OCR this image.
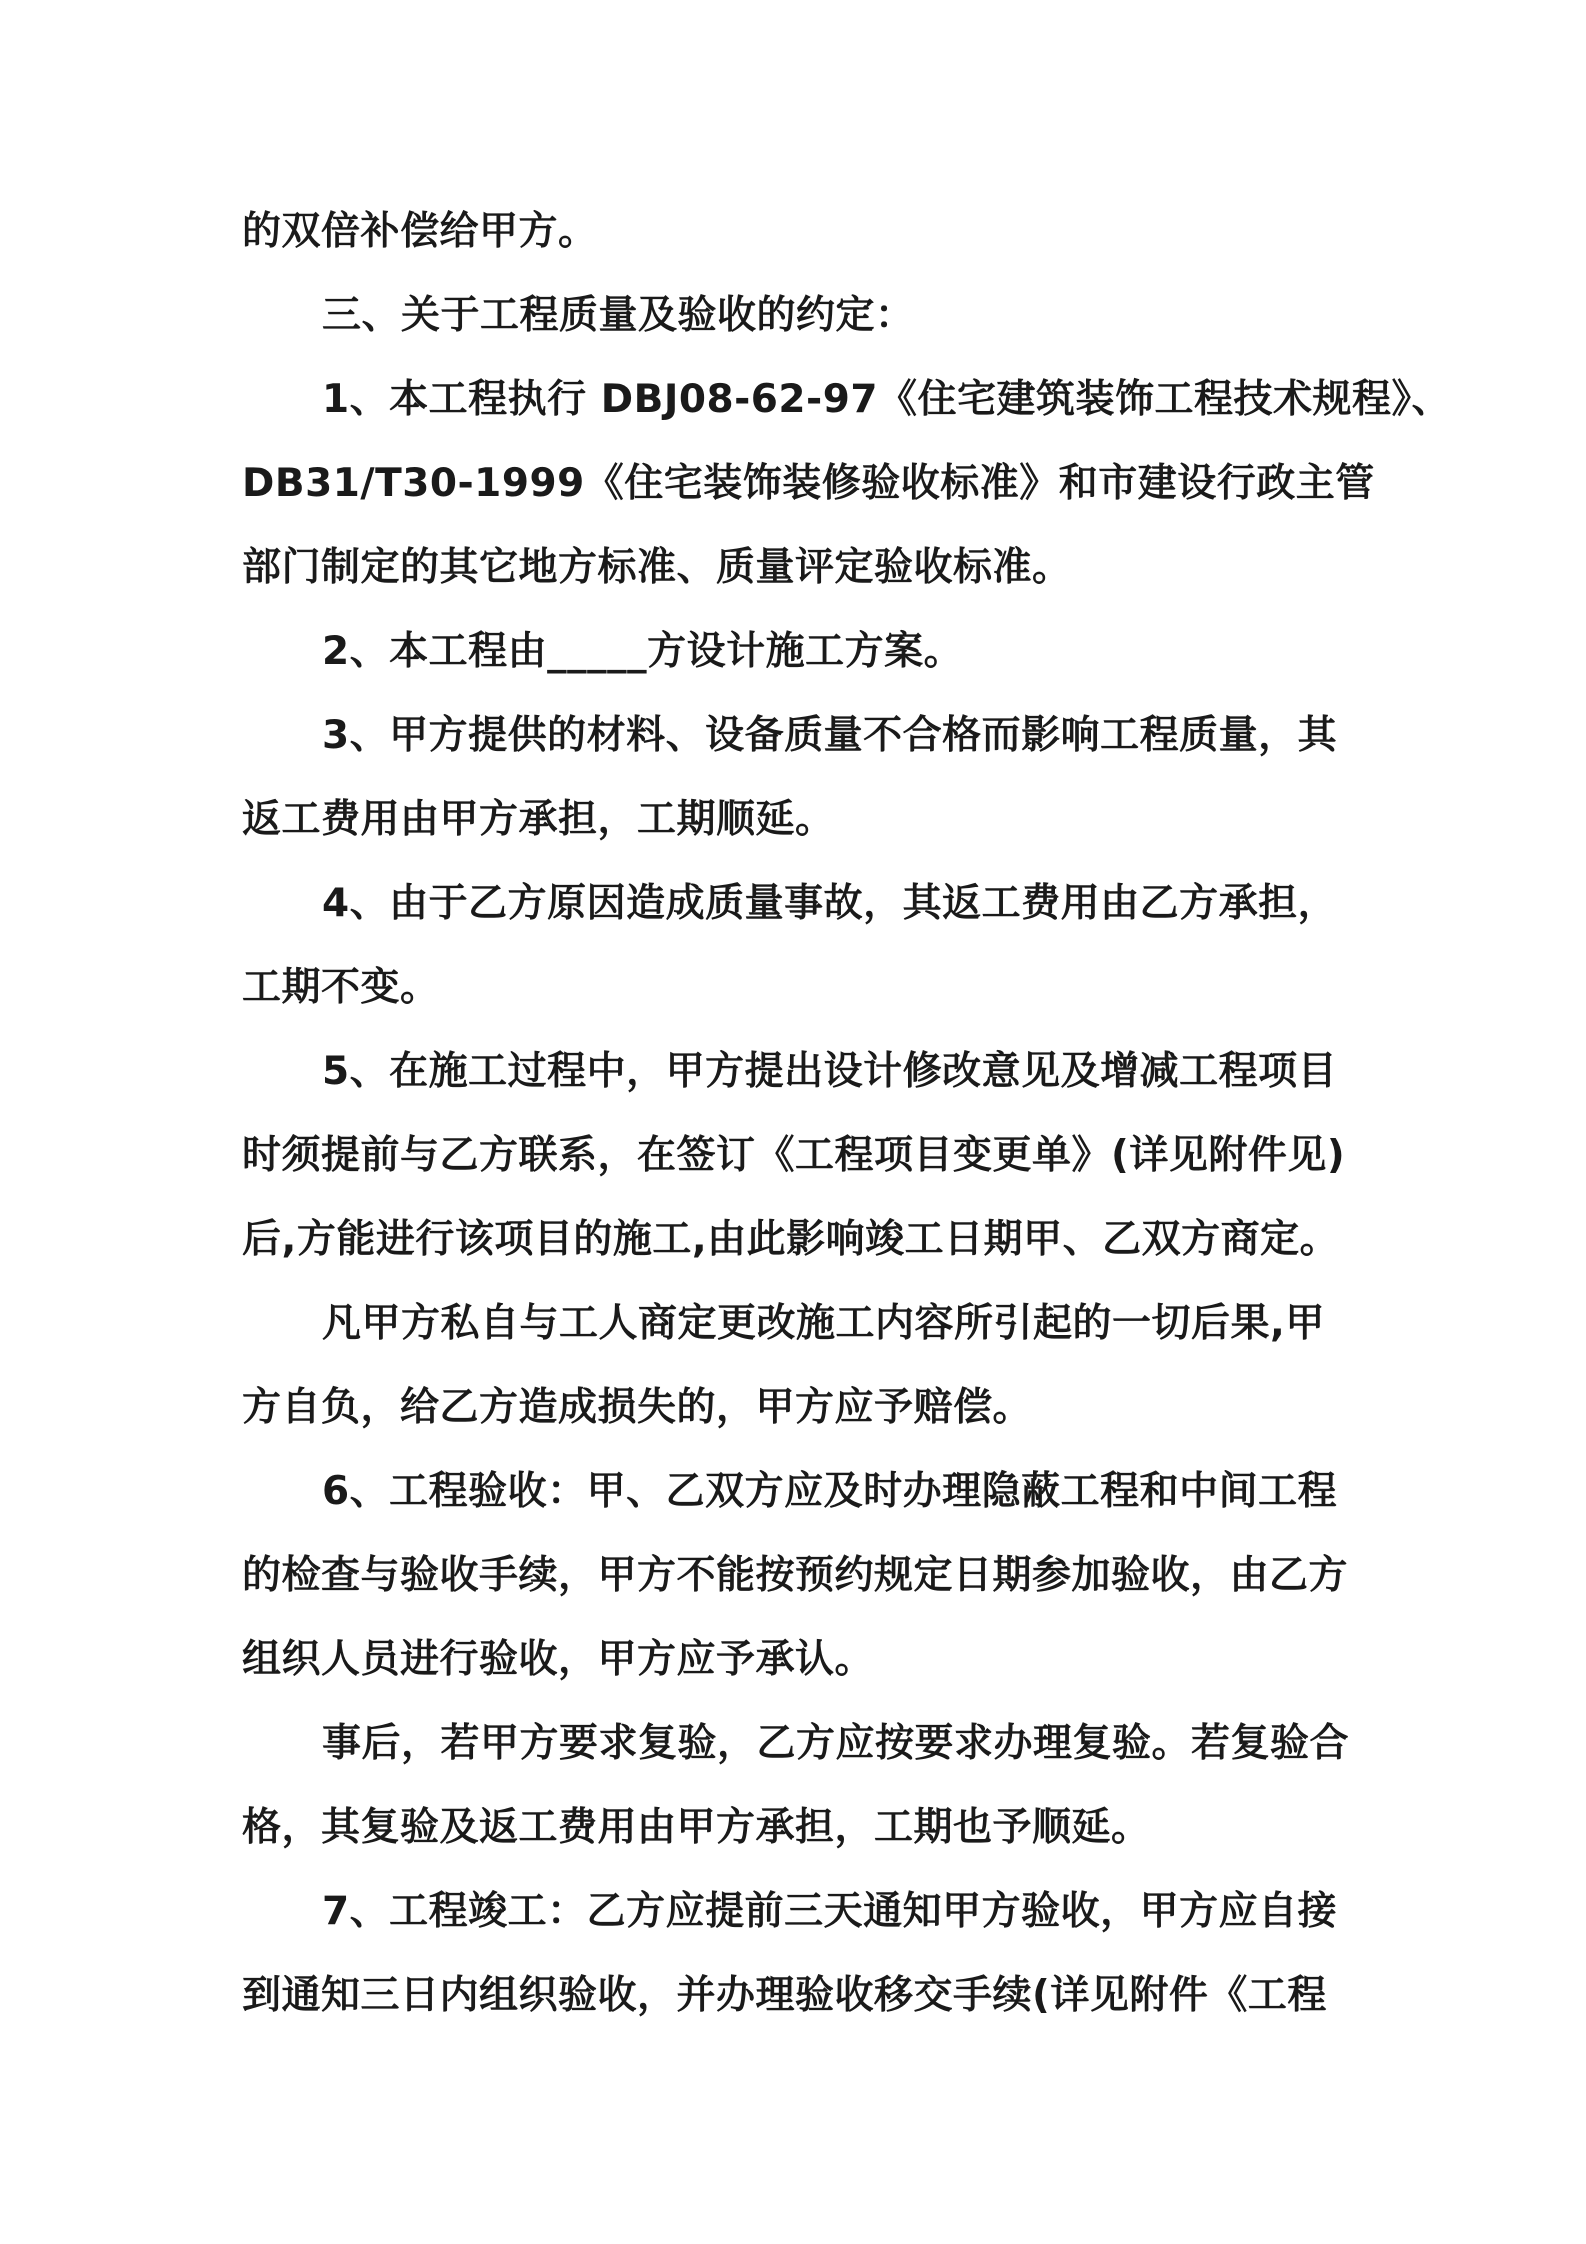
的双倍补偿给甲方。
三、关于工程质量及验收的约定：
1、本工程执行 DBJ08-62-97《住宅建筑装饰工程技术规程》、
DB31/T30-1999《住宅装饰装修验收标准》和市建设行政主管
部门制定的其它地方标准、质量评定验收标准。
2、本工程由_____方设计施工方案。
3、甲方提供的材料、设备质量不合格而影响工程质量，其
返工费用由甲方承担，工期顺延。
4、由于乙方原因造成质量事故，其返工费用由乙方承担，
工期不变。
5、在施工过程中，甲方提出设计修改意见及增减工程项目
时须提前与乙方联系，在签订《工程项目变更单》(详见附件见)
后,方能进行该项目的施工,由此影响竣工日期甲、乙双方商定。
凡甲方私自与工人商定更改施工内容所引起的一切后果,甲
方自负，给乙方造成损失的，甲方应予赔偿。
6、工程验收：甲、乙双方应及时办理隐蔽工程和中间工程
的检查与验收手续，甲方不能按预约规定日期参加验收，由乙方
组织人员进行验收，甲方应予承认。
事后，若甲方要求复验，乙方应按要求办理复验。若复验合
格，其复验及返工费用由甲方承担，工期也予顺延。
7、工程竣工：乙方应提前三天通知甲方验收，甲方应自接
到通知三日内组织验收，并办理验收移交手续(详见附件《工程
